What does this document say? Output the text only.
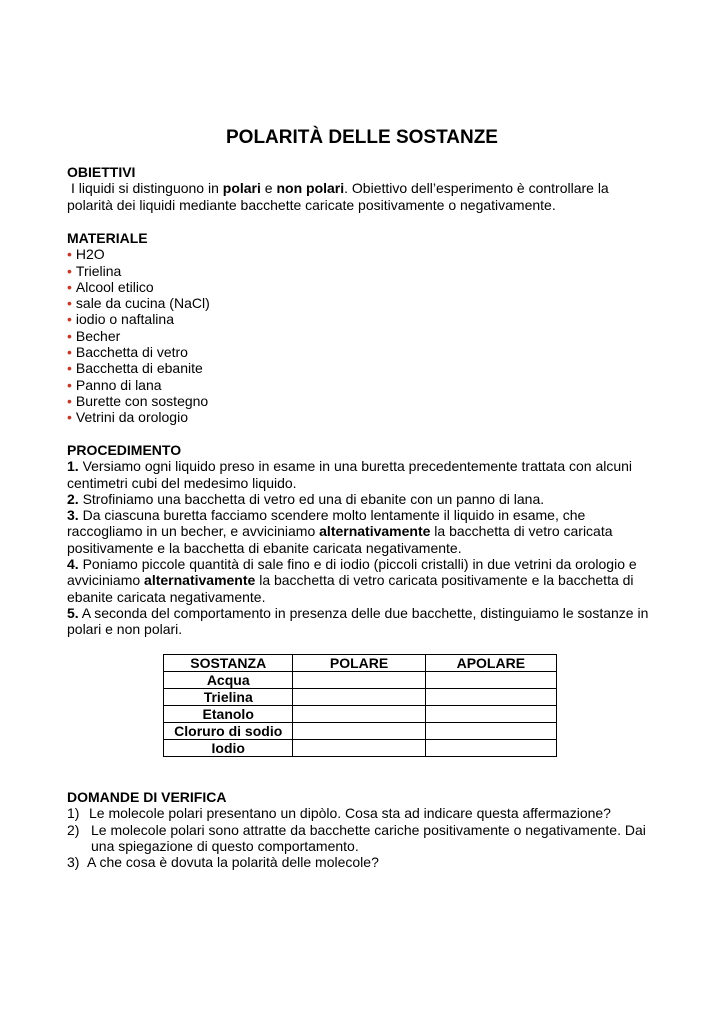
POLARITÀ DELLE SOSTANZE
OBIETTIVI

I liquidi si distinguono in polari e non polari. Obiettivo dell’esperimento è controllare la polarità dei liquidi mediante bacchette caricate positivamente o negativamente.

MATERIALE
• H2O
• Trielina
• Alcool etilico
• sale da cucina (NaCl)
• iodio o naftalina
• Becher
• Bacchetta di vetro
• Bacchetta di ebanite
• Panno di lana
• Burette con sostegno
• Vetrini da orologio
PROCEDIMENTO

1. Versiamo ogni liquido preso in esame in una buretta precedentemente trattata con alcuni centimetri cubi del medesimo liquido.

2. Strofiniamo una bacchetta di vetro ed una di ebanite con un panno di lana.

3. Da ciascuna buretta facciamo scendere molto lentamente il liquido in esame, che raccogliamo in un becher, e avviciniamo alternativamente la bacchetta di vetro caricata positivamente e la bacchetta di ebanite caricata negativamente.

4. Poniamo piccole quantità di sale fino e di iodio (piccoli cristalli) in due vetrini da orologio e avviciniamo alternativamente la bacchetta di vetro caricata positivamente e la bacchetta di ebanite caricata negativamente.

5. A seconda del comportamento in presenza delle due bacchette, distinguiamo le sostanze in polari e non polari.

SOSTANZA	POLARE	APOLARE
Acqua		
Trielina		
Etanolo		
Cloruro di sodio		
Iodio		
DOMANDE DI VERIFICA
1) Le molecole polari presentano un dipòlo. Cosa sta ad indicare questa affermazione?
2) Le molecole polari sono attratte da bacchette cariche positivamente o negativamente. Dai una spiegazione di questo comportamento.
3) A che cosa è dovuta la polarità delle molecole?
